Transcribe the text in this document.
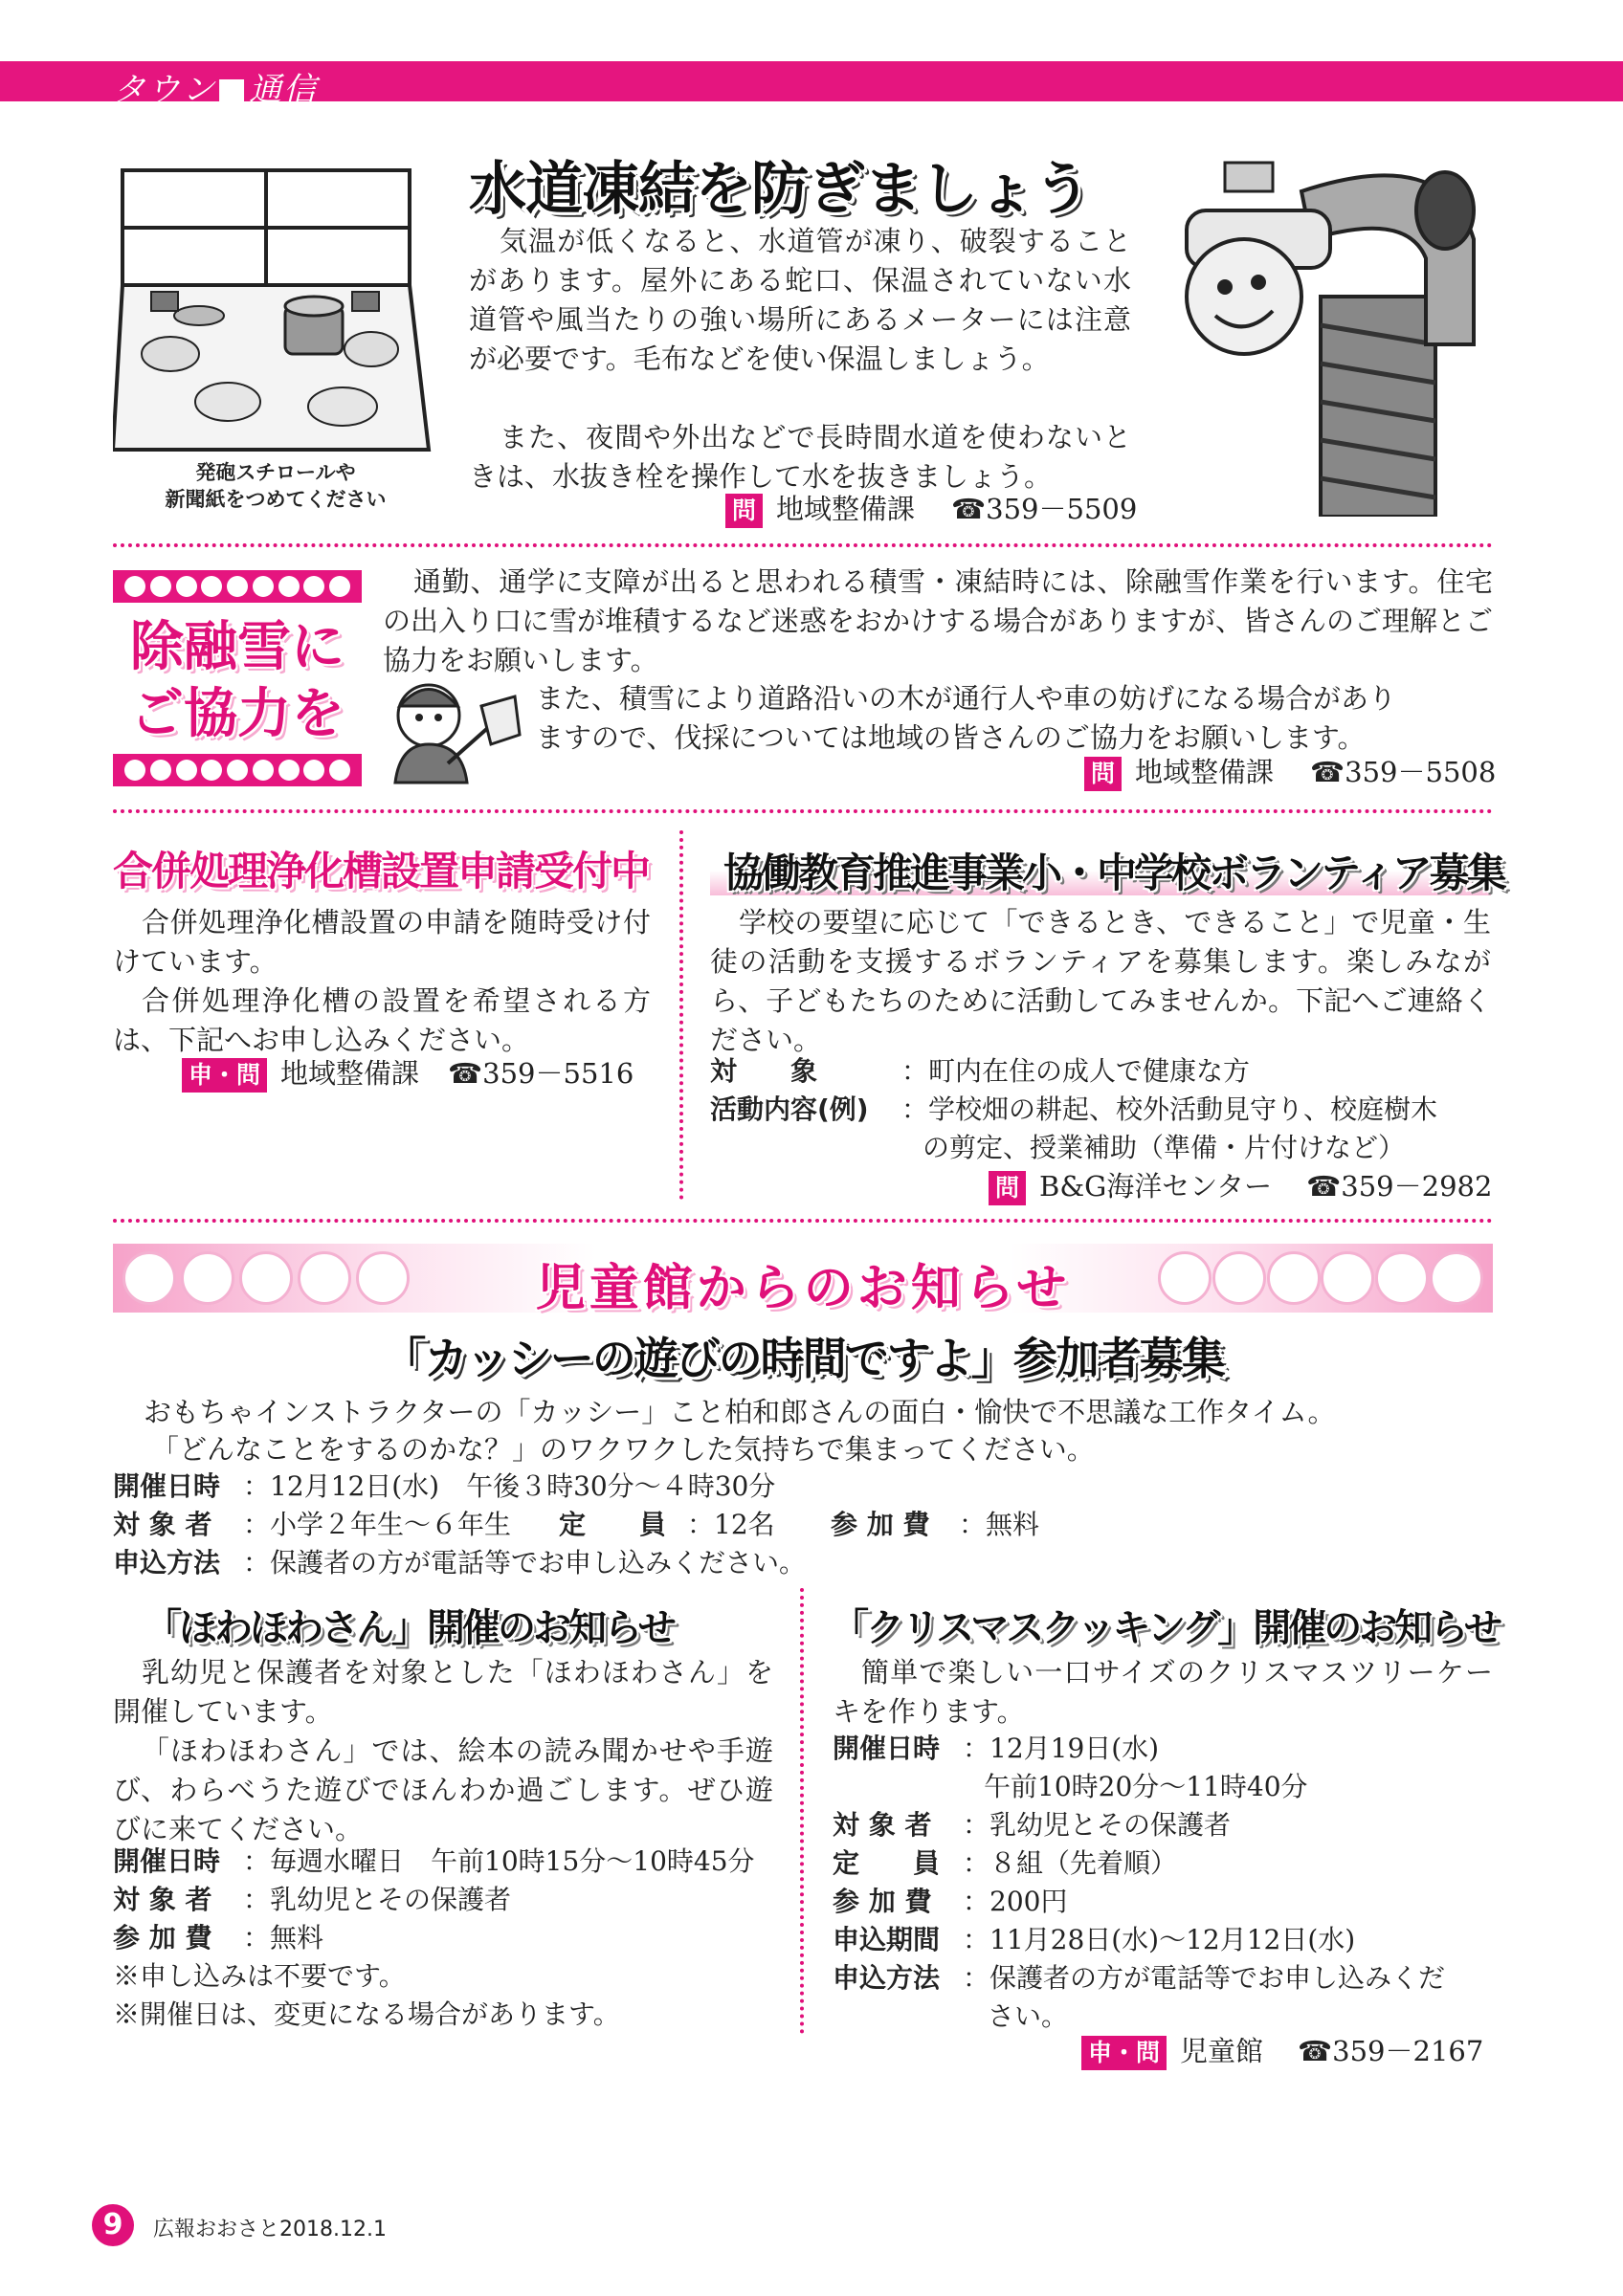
タウン■通信
発砲スチロールや
新聞紙をつめてください
水道凍結を防ぎましょう
気温が低くなると、水道管が凍り、破裂することがあります。屋外にある蛇口、保温されていない水道管や風当たりの強い場所にあるメーターには注意が必要です。毛布などを使い保温しましょう。
また、夜間や外出などで長時間水道を使わないときは、水抜き栓を操作して水を抜きましょう。
問 地域整備課 ☎359－5509
除融雪に
ご協力を
通勤、通学に支障が出ると思われる積雪・凍結時には、除融雪作業を行います。住宅の出入り口に雪が堆積するなど迷惑をおかけする場合がありますが、皆さんのご理解とご協力をお願いします。
また、積雪により道路沿いの木が通行人や車の妨げになる場合があり
ますので、伐採については地域の皆さんのご協力をお願いします。
問 地域整備課 ☎359－5508
合併処理浄化槽設置申請受付中
合併処理浄化槽設置の申請を随時受け付けています。
合併処理浄化槽の設置を希望される方は、下記へお申し込みください。
申・問 地域整備課 ☎359－5516
協働教育推進事業小・中学校ボランティア募集
学校の要望に応じて「できるとき、できること」で児童・生徒の活動を支援するボランティアを募集します。楽しみながら、子どもたちのために活動してみませんか。下記へご連絡ください。
対　　象	：町内在住の成人で健康な方
活動内容(例) ：学校畑の耕起、校外活動見守り、校庭樹木
の剪定、授業補助（準備・片付けなど）
問 B&G海洋センター ☎359－2982
児童館からのお知らせ
「カッシーの遊びの時間ですよ」参加者募集
おもちゃインストラクターの「カッシー」こと柏和郎さんの面白・愉快で不思議な工作タイム。
「どんなことをするのかな？」のワクワクした気持ちで集まってください。
開催日時 ：12月12日(水)　午後３時30分～４時30分
対 象 者 ：小学２年生～６年生 定　　員 ：12名 参 加 費 ：無料
申込方法 ：保護者の方が電話等でお申し込みください。
「ほわほわさん」開催のお知らせ
乳幼児と保護者を対象とした「ほわほわさん」を開催しています。
「ほわほわさん」では、絵本の読み聞かせや手遊び、わらべうた遊びでほんわか過ごします。ぜひ遊びに来てください。
開催日時 ：毎週水曜日　午前10時15分～10時45分
対 象 者 ：乳幼児とその保護者
参 加 費 ：無料
※申し込みは不要です。
※開催日は、変更になる場合があります。
「クリスマスクッキング」開催のお知らせ
簡単で楽しい一口サイズのクリスマスツリーケーキを作ります。
開催日時 ：12月19日(水)
午前10時20分～11時40分
対 象 者 ：乳幼児とその保護者
定　　員 ：８組（先着順）
参 加 費 ：200円
申込期間 ：11月28日(水)～12月12日(水)
申込方法 ：保護者の方が電話等でお申し込みくだ
さい。
申・問 児童館 ☎359－2167
9	広報おおさと2018.12.1
